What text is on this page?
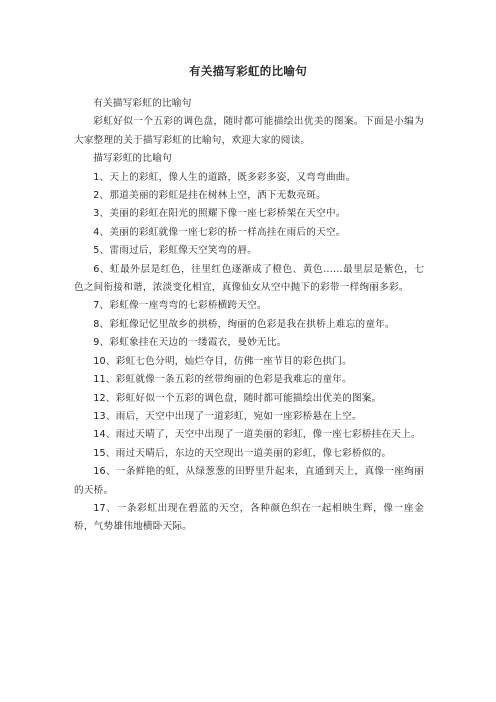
有关描写彩虹的比喻句

有关描写彩虹的比喻句

彩虹好似一个五彩的调色盘，随时都可能描绘出优美的图案。下面是小编为大家整理的关于描写彩虹的比喻句，欢迎大家的阅读。

描写彩虹的比喻句

1、天上的彩虹，像人生的道路，既多彩多姿，又弯弯曲曲。

2、那道美丽的彩虹是挂在树林上空，洒下无数亮斑。

3、美丽的彩虹在阳光的照耀下像一座七彩桥架在天空中。

4、美丽的彩虹就像一座七彩的桥一样高挂在雨后的天空。

5、雷雨过后，彩虹像天空笑弯的唇。

6、虹最外层是红色，往里红色逐渐成了橙色、黄色……最里层是紫色，七色之间衔接和谐，浓淡变化相宜，真像仙女从空中抛下的彩带一样绚丽多彩。

7、彩虹像一座弯弯的七彩桥横跨天空。

8、彩虹像记忆里故乡的拱桥，绚丽的色彩是我在拱桥上难忘的童年。

9、彩虹象挂在天边的一缕霞衣，曼妙无比。

10、彩虹七色分明，灿烂夺目，仿佛一座节目的彩色拱门。

11、彩虹就像一条五彩的丝带绚丽的色彩是我难忘的童年。

12、彩虹好似一个五彩的调色盘，随时都可能描绘出优美的图案。

13、雨后，天空中出现了一道彩虹，宛如一座彩桥悬在上空。

14、雨过天晴了，天空中出现了一道美丽的彩虹，像一座七彩桥挂在天上。

15、雨过天晴后，东边的天空现出一道美丽的彩虹，像七彩桥似的。

16、一条鲜艳的虹，从绿葱葱的田野里升起来，直通到天上，真像一座绚丽的天桥。

17、一条彩虹出现在碧蓝的天空，各种颜色织在一起相映生辉，像一座金桥，气势雄伟地横卧天际。
